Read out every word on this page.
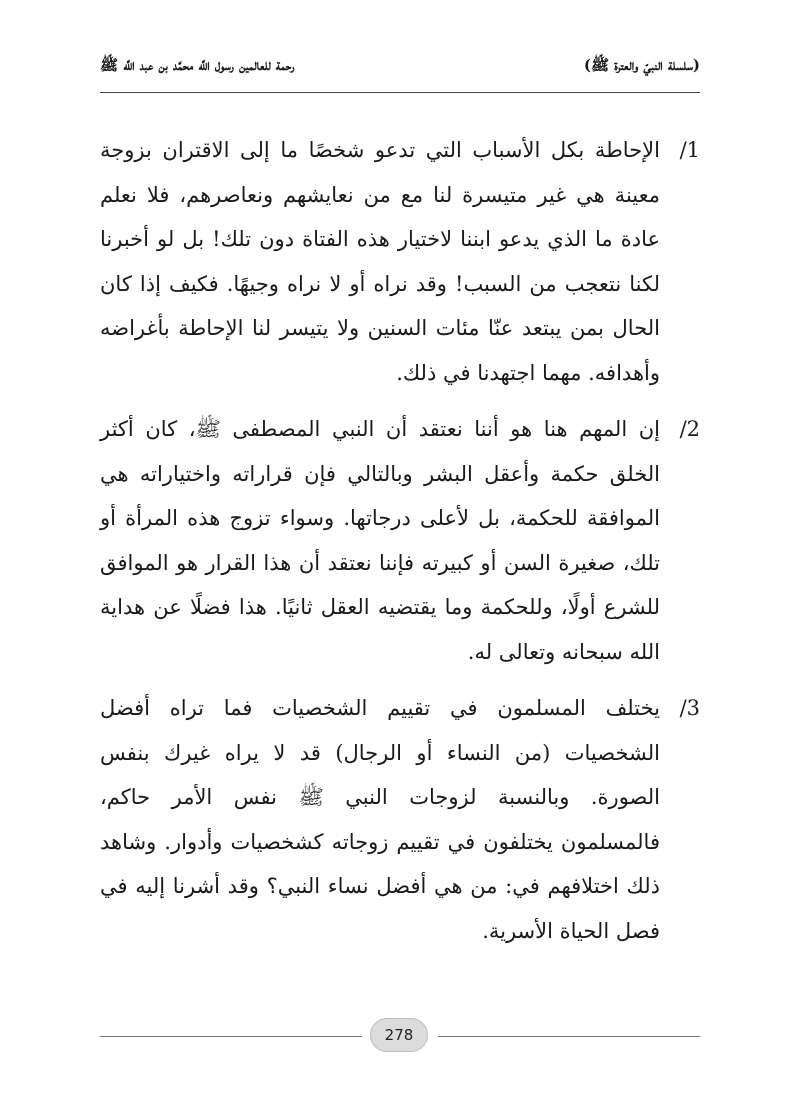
(سلسلة النبيّ والعترة ﷺ)
رحمة للعالمين رسول اللَّه محمَّد بن عبد اللَّه ﷺ
/1
الإحاطة بكل الأسباب التي تدعو شخصًا ما إلى الاقتران بزوجة معينة هي غير متيسرة لنا مع من نعايشهم ونعاصرهم، فلا نعلم عادة ما الذي يدعو ابننا لاختيار هذه الفتاة دون تلك! بل لو أخبرنا لكنا نتعجب من السبب! وقد نراه أو لا نراه وجيهًا. فكيف إذا كان الحال بمن يبتعد عنّا مئات السنين ولا يتيسر لنا الإحاطة بأغراضه وأهدافه. مهما اجتهدنا في ذلك.
/2
إن المهم هنا هو أننا نعتقد أن النبي المصطفى ﷺ، كان أكثر الخلق حكمة وأعقل البشر وبالتالي فإن قراراته واختياراته هي الموافقة للحكمة، بل لأعلى درجاتها. وسواء تزوج هذه المرأة أو تلك، صغيرة السن أو كبيرته فإننا نعتقد أن هذا القرار هو الموافق للشرع أولًا، وللحكمة وما يقتضيه العقل ثانيًا. هذا فضلًا عن هداية الله سبحانه وتعالى له.
/3
يختلف المسلمون في تقييم الشخصيات فما تراه أفضل الشخصيات (من النساء أو الرجال) قد لا يراه غيرك بنفس الصورة. وبالنسبة لزوجات النبي ﷺ نفس الأمر حاكم، فالمسلمون يختلفون في تقييم زوجاته كشخصيات وأدوار. وشاهد ذلك اختلافهم في: من هي أفضل نساء النبي؟ وقد أشرنا إليه في فصل الحياة الأسرية.
278
